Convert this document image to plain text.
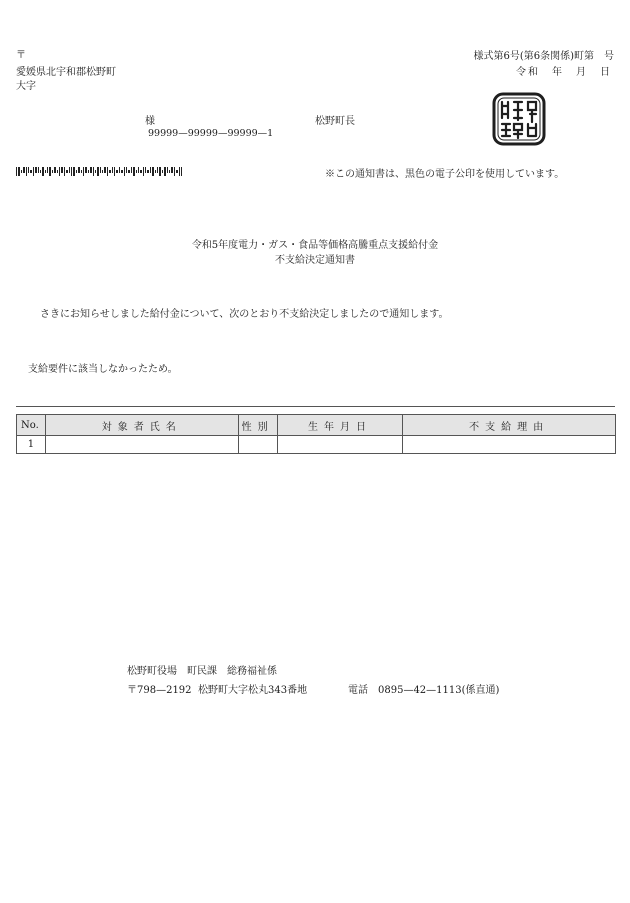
〒
愛媛県北宇和郡松野町
大字
様式第6号(第6条関係)町第　号
令和　年　月　日
様
99999—99999—99999—1
松野町長
※この通知書は、黒色の電子公印を使用しています。
令和5年度電力・ガス・食品等価格高騰重点支援給付金
不支給決定通知書
さきにお知らせしました給付金について、次のとおり不支給決定しましたので通知します。
支給要件に該当しなかったため。
No.	対象者氏名	性別	生年月日	不支給理由
1				
松野町役場　町民課　総務福祉係
〒798—2192 松野町大字松丸343番地	電話　0895—42—1113(係直通)
